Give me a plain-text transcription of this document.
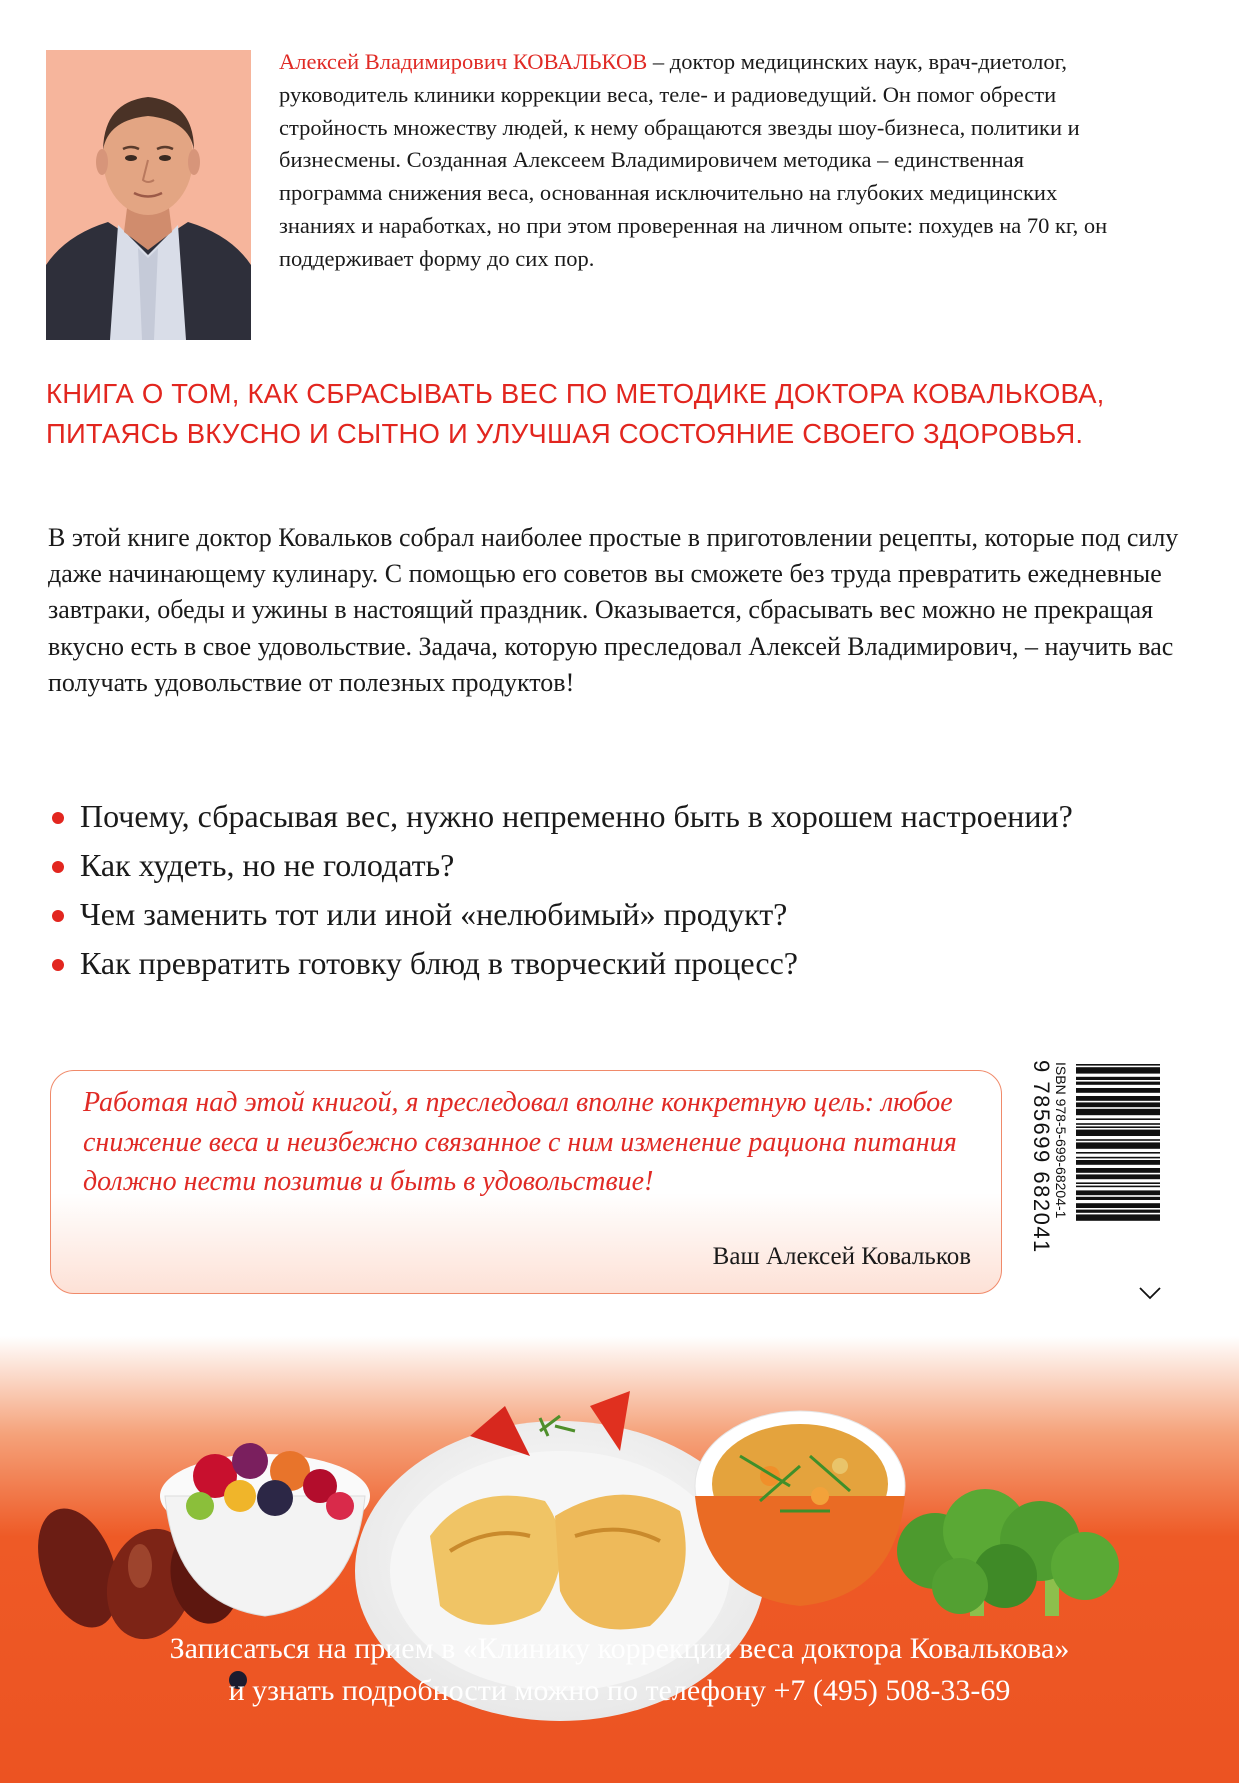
Алексей Владимирович КОВАЛЬКОВ – доктор медицинских наук, врач-диетолог, руководитель клиники коррекции веса, теле- и радиоведущий. Он помог обрести стройность множеству людей, к нему обращаются звезды шоу-бизнеса, политики и бизнесмены. Созданная Алексеем Владимировичем методика – единственная программа снижения веса, основанная исключительно на глубоких медицинских знаниях и наработках, но при этом проверенная на личном опыте: похудев на 70 кг, он поддерживает форму до сих пор.
КНИГА О ТОМ, КАК СБРАСЫВАТЬ ВЕС ПО МЕТОДИКЕ ДОКТОРА КОВАЛЬКОВА, ПИТАЯСЬ ВКУСНО И СЫТНО И УЛУЧШАЯ СОСТОЯНИЕ СВОЕГО ЗДОРОВЬЯ.
В этой книге доктор Ковальков собрал наиболее простые в приготовлении рецепты, которые под силу даже начинающему кулинару. С помощью его советов вы сможете без труда превратить ежедневные завтраки, обеды и ужины в настоящий праздник. Оказывается, сбрасывать вес можно не прекращая вкусно есть в свое удовольствие. Задача, которую преследовал Алексей Владимирович, – научить вас получать удовольствие от полезных продуктов!
Почему, сбрасывая вес, нужно непременно быть в хорошем настроении?
Как худеть, но не голодать?
Чем заменить тот или иной «нелюбимый» продукт?
Как превратить готовку блюд в творческий процесс?
Работая над этой книгой, я преследовал вполне конкретную цель: любое снижение веса и неизбежно связанное с ним изменение рациона питания должно нести позитив и быть в удовольствие!
Ваш Алексей Ковальков
ISBN 978-5-699-68204-1
9 785699 682041
Записаться на прием в «Клинику коррекции веса доктора Ковалькова»
и узнать подробности можно по телефону +7 (495) 508-33-69
